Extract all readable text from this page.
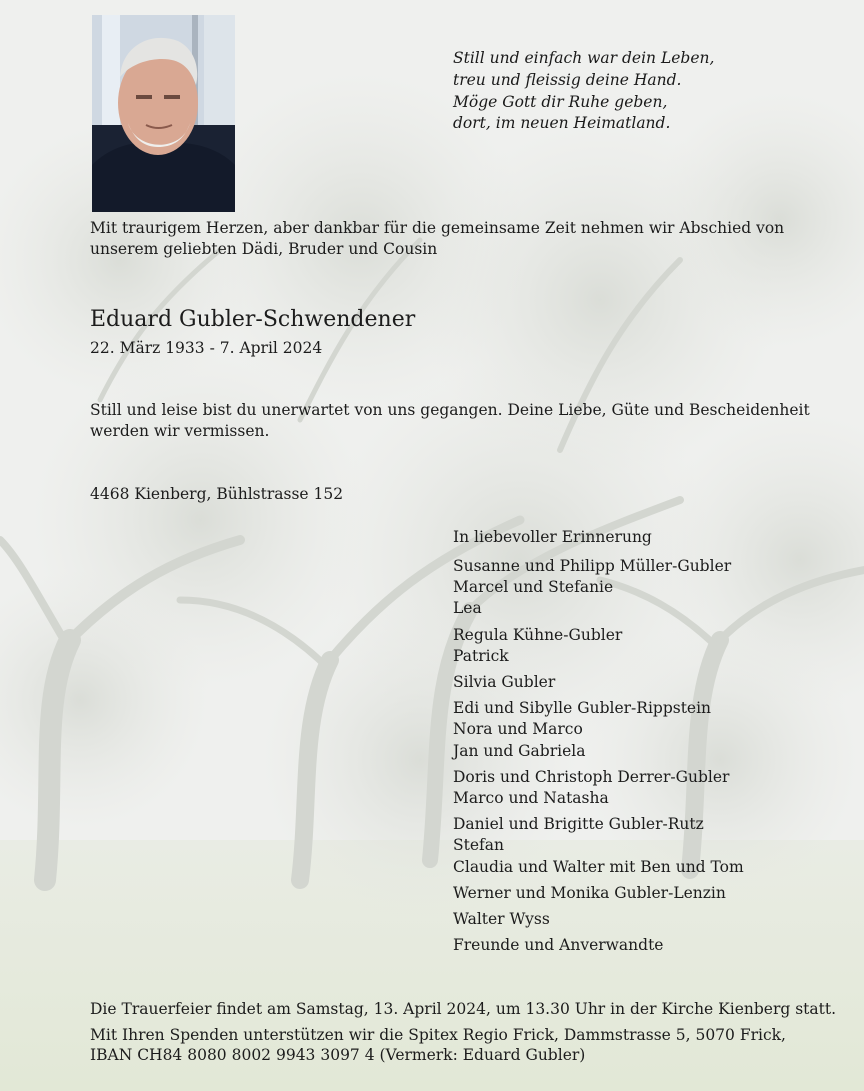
Still und einfach war dein Leben,
treu und fleissig deine Hand.
Möge Gott dir Ruhe geben,
dort, im neuen Heimatland.
Mit traurigem Herzen, aber dankbar für die gemeinsame Zeit nehmen wir Abschied von unserem geliebten Dädi, Bruder und Cousin
Eduard Gubler-Schwendener
22. März 1933 - 7. April 2024
Still und leise bist du unerwartet von uns gegangen. Deine Liebe, Güte und Bescheidenheit werden wir vermissen.
4468 Kienberg, Bühlstrasse 152
In liebevoller Erinnerung
Susanne und Philipp Müller-Gubler
Marcel und Stefanie
Lea
Regula Kühne-Gubler
Patrick
Silvia Gubler
Edi und Sibylle Gubler-Rippstein
Nora und Marco
Jan und Gabriela
Doris und Christoph Derrer-Gubler
Marco und Natasha
Daniel und Brigitte Gubler-Rutz
Stefan
Claudia und Walter mit Ben und Tom
Werner und Monika Gubler-Lenzin
Walter Wyss
Freunde und Anverwandte
Die Trauerfeier findet am Samstag, 13. April 2024, um 13.30 Uhr in der Kirche Kienberg statt.
Mit Ihren Spenden unterstützen wir die Spitex Regio Frick, Dammstrasse 5, 5070 Frick,
IBAN CH84 8080 8002 9943 3097 4 (Vermerk: Eduard Gubler)
